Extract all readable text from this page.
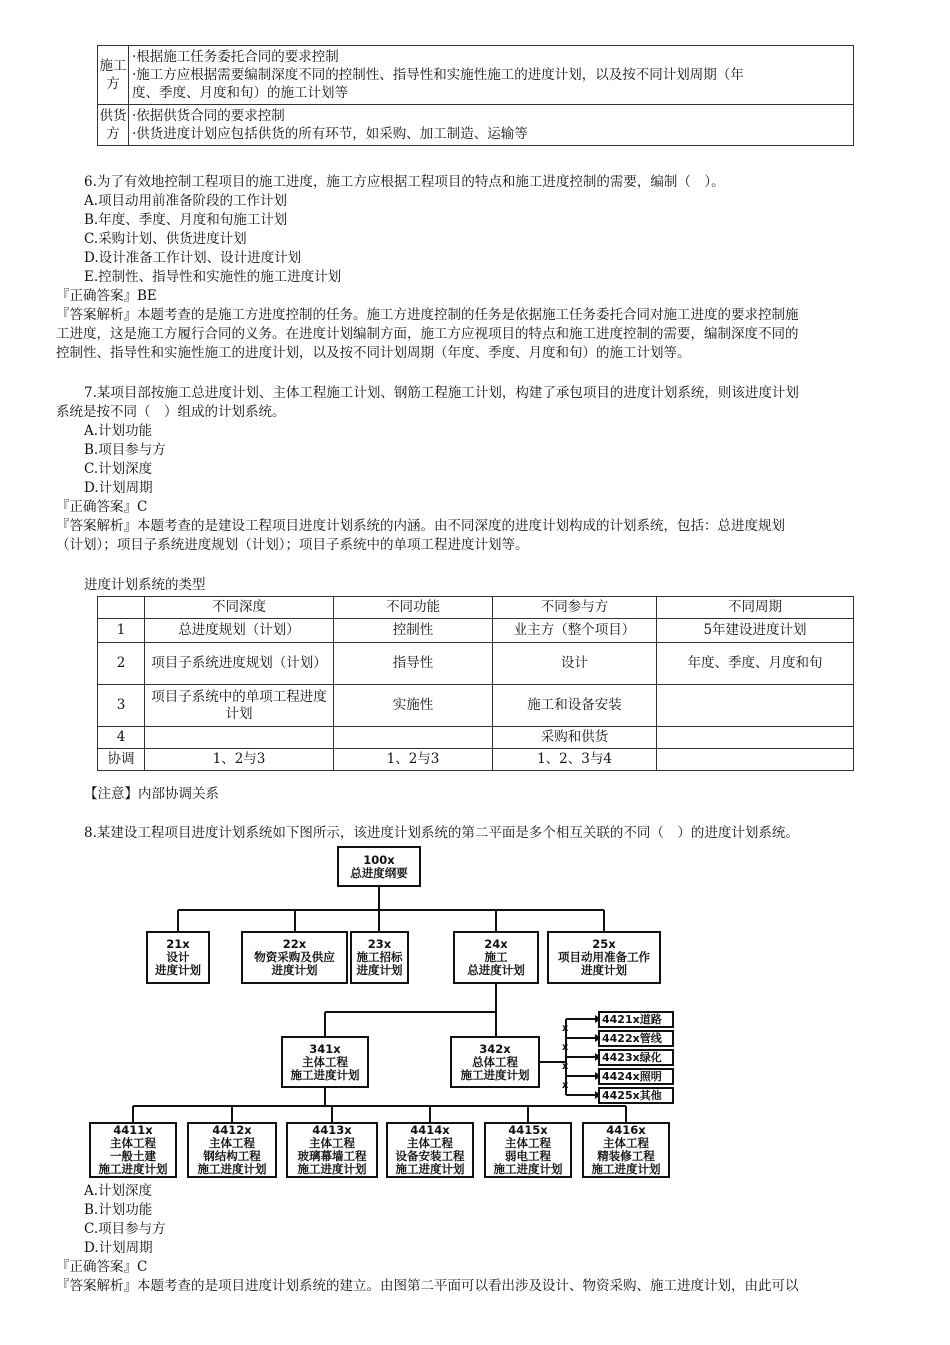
施工方	·根据施工任务委托合同的要求控制
·施工方应根据需要编制深度不同的控制性、指导性和实施性施工的进度计划，以及按不同计划周期（年
度、季度、月度和旬）的施工计划等

供货方	·依据供货合同的要求控制
·供货进度计划应包括供货的所有环节，如采购、加工制造、运输等
6.为了有效地控制工程项目的施工进度，施工方应根据工程项目的特点和施工进度控制的需要，编制（　）。
A.项目动用前准备阶段的工作计划
B.年度、季度、月度和旬施工计划
C.采购计划、供货进度计划
D.设计准备工作计划、设计进度计划
E.控制性、指导性和实施性的施工进度计划
『正确答案』BE
『答案解析』本题考查的是施工方进度控制的任务。施工方进度控制的任务是依据施工任务委托合同对施工进度的要求控制施
工进度，这是施工方履行合同的义务。在进度计划编制方面，施工方应视项目的特点和施工进度控制的需要，编制深度不同的
控制性、指导性和实施性施工的进度计划，以及按不同计划周期（年度、季度、月度和旬）的施工计划等。
7.某项目部按施工总进度计划、主体工程施工计划、钢筋工程施工计划，构建了承包项目的进度计划系统，则该进度计划
系统是按不同（　）组成的计划系统。
A.计划功能
B.项目参与方
C.计划深度
D.计划周期
『正确答案』C
『答案解析』本题考查的是建设工程项目进度计划系统的内涵。由不同深度的进度计划构成的计划系统，包括：总进度规划
（计划）；项目子系统进度规划（计划）；项目子系统中的单项工程进度计划等。
进度计划系统的类型
	不同深度	不同功能	不同参与方	不同周期
1	总进度规划（计划）	控制性	业主方（整个项目）	5年建设进度计划
2	项目子系统进度规划（计划）	指导性	设计	年度、季度、月度和旬
3	项目子系统中的单项工程进度计划	实施性	施工和设备安装	
4			采购和供货	
协调	1、2与3	1、2与3	1、2、3与4	
【注意】内部协调关系
8.某建设工程项目进度计划系统如下图所示，该进度计划系统的第二平面是多个相互关联的不同（　）的进度计划系统。
x
x
x
x
100x
总进度纲要
21x
设计
进度计划
22x
物资采购及供应
进度计划
23x
施工招标
进度计划
24x
施工
总进度计划
25x
项目动用准备工作
进度计划
341x
主体工程
施工进度计划
342x
总体工程
施工进度计划
4421x道路
4422x管线
4423x绿化
4424x照明
4425x其他
4411x
主体工程
一般土建
施工进度计划
4412x
主体工程
钢结构工程
施工进度计划
4413x
主体工程
玻璃幕墙工程
施工进度计划
4414x
主体工程
设备安装工程
施工进度计划
4415x
主体工程
弱电工程
施工进度计划
4416x
主体工程
精装修工程
施工进度计划
A.计划深度
B.计划功能
C.项目参与方
D.计划周期
『正确答案』C
『答案解析』本题考查的是项目进度计划系统的建立。由图第二平面可以看出涉及设计、物资采购、施工进度计划，由此可以
